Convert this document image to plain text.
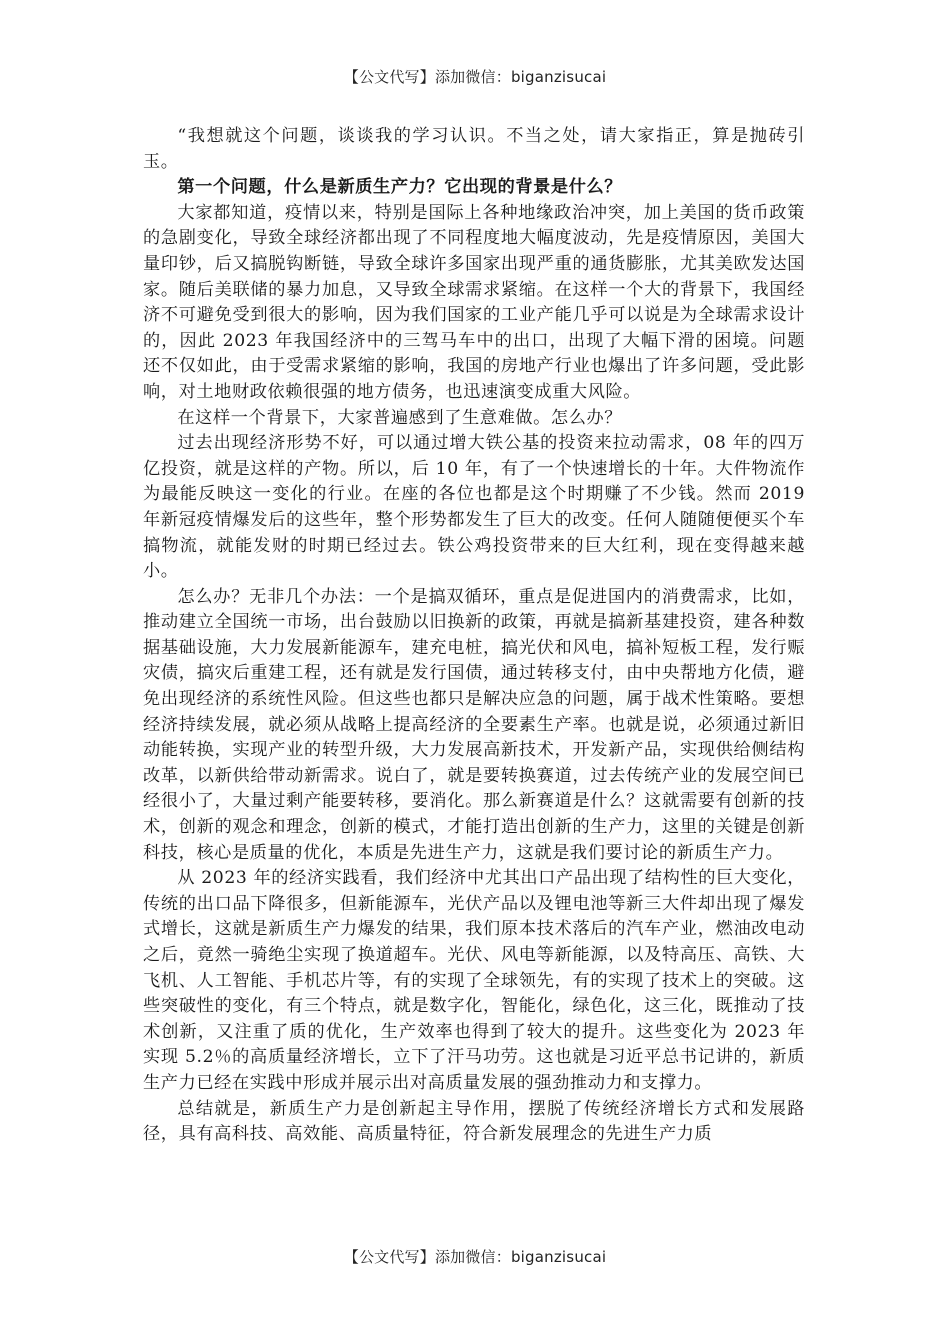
【公文代写】添加微信：biganzisucai

“我想就这个问题，谈谈我的学习认识。不当之处，请大家指正，算是抛砖引玉。

第一个问题，什么是新质生产力？它出现的背景是什么？

大家都知道，疫情以来，特别是国际上各种地缘政治冲突，加上美国的货币政策的急剧变化，导致全球经济都出现了不同程度地大幅度波动，先是疫情原因，美国大量印钞，后又搞脱钩断链，导致全球许多国家出现严重的通货膨胀，尤其美欧发达国家。随后美联储的暴力加息，又导致全球需求紧缩。在这样一个大的背景下，我国经济不可避免受到很大的影响，因为我们国家的工业产能几乎可以说是为全球需求设计的，因此 2023 年我国经济中的三驾马车中的出口，出现了大幅下滑的困境。问题还不仅如此，由于受需求紧缩的影响，我国的房地产行业也爆出了许多问题，受此影响，对土地财政依赖很强的地方债务，也迅速演变成重大风险。

在这样一个背景下，大家普遍感到了生意难做。怎么办？

过去出现经济形势不好，可以通过增大铁公基的投资来拉动需求，08 年的四万亿投资，就是这样的产物。所以，后 10 年，有了一个快速增长的十年。大件物流作为最能反映这一变化的行业。在座的各位也都是这个时期赚了不少钱。然而 2019 年新冠疫情爆发后的这些年，整个形势都发生了巨大的改变。任何人随随便便买个车搞物流，就能发财的时期已经过去。铁公鸡投资带来的巨大红利，现在变得越来越小。

怎么办？无非几个办法：一个是搞双循环，重点是促进国内的消费需求，比如，推动建立全国统一市场，出台鼓励以旧换新的政策，再就是搞新基建投资，建各种数据基础设施，大力发展新能源车，建充电桩，搞光伏和风电，搞补短板工程，发行赈灾债，搞灾后重建工程，还有就是发行国债，通过转移支付，由中央帮地方化债，避免出现经济的系统性风险。但这些也都只是解决应急的问题，属于战术性策略。要想经济持续发展，就必须从战略上提高经济的全要素生产率。也就是说，必须通过新旧动能转换，实现产业的转型升级，大力发展高新技术，开发新产品，实现供给侧结构改革，以新供给带动新需求。说白了，就是要转换赛道，过去传统产业的发展空间已经很小了，大量过剩产能要转移，要消化。那么新赛道是什么？这就需要有创新的技术，创新的观念和理念，创新的模式，才能打造出创新的生产力，这里的关键是创新科技，核心是质量的优化，本质是先进生产力，这就是我们要讨论的新质生产力。

从 2023 年的经济实践看，我们经济中尤其出口产品出现了结构性的巨大变化，传统的出口品下降很多，但新能源车，光伏产品以及锂电池等新三大件却出现了爆发式增长，这就是新质生产力爆发的结果，我们原本技术落后的汽车产业，燃油改电动之后，竟然一骑绝尘实现了换道超车。光伏、风电等新能源，以及特高压、高铁、大飞机、人工智能、手机芯片等，有的实现了全球领先，有的实现了技术上的突破。这些突破性的变化，有三个特点，就是数字化，智能化，绿色化，这三化，既推动了技术创新，又注重了质的优化，生产效率也得到了较大的提升。这些变化为 2023 年实现 5.2％的高质量经济增长，立下了汗马功劳。这也就是习近平总书记讲的，新质生产力已经在实践中形成并展示出对高质量发展的强劲推动力和支撑力。

总结就是，新质生产力是创新起主导作用，摆脱了传统经济增长方式和发展路径，具有高科技、高效能、高质量特征，符合新发展理念的先进生产力质

【公文代写】添加微信：biganzisucai
